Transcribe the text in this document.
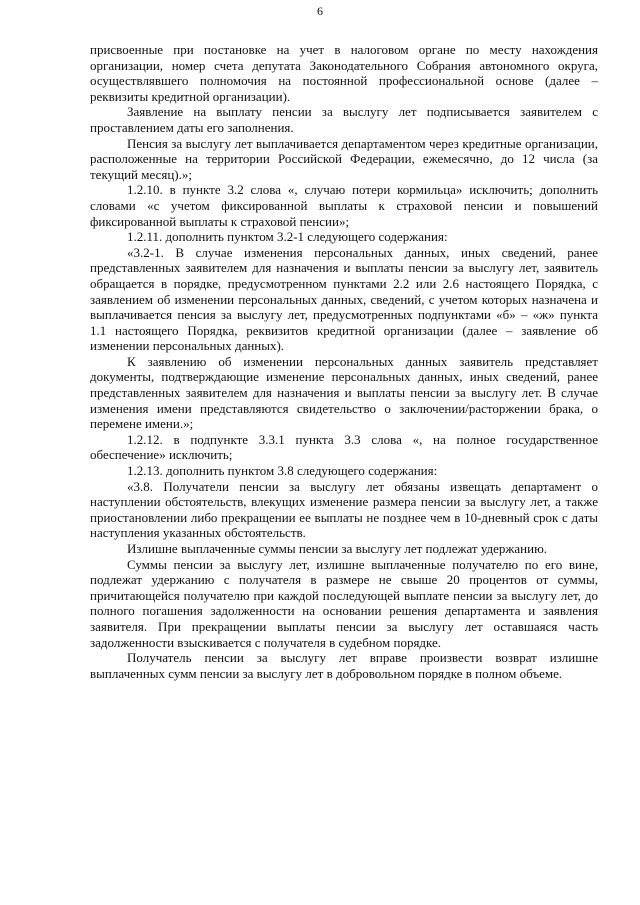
6

присвоенные при постановке на учет в налоговом органе по месту нахождения организации, номер счета депутата Законодательного Собрания автономного округа, осуществлявшего полномочия на постоянной профессиональной основе (далее – реквизиты кредитной организации).

Заявление на выплату пенсии за выслугу лет подписывается заявителем с проставлением даты его заполнения.

Пенсия за выслугу лет выплачивается департаментом через кредитные организации, расположенные на территории Российской Федерации, ежемесячно, до 12 числа (за текущий месяц).»;

1.2.10. в пункте 3.2 слова «, случаю потери кормильца» исключить; дополнить словами «с учетом фиксированной выплаты к страховой пенсии и повышений фиксированной выплаты к страховой пенсии»;

1.2.11. дополнить пунктом 3.2-1 следующего содержания:

«3.2-1. В случае изменения персональных данных, иных сведений, ранее представленных заявителем для назначения и выплаты пенсии за выслугу лет, заявитель обращается в порядке, предусмотренном пунктами 2.2 или 2.6 настоящего Порядка, с заявлением об изменении персональных данных, сведений, с учетом которых назначена и выплачивается пенсия за выслугу лет, предусмотренных подпунктами «б» – «ж» пункта 1.1 настоящего Порядка, реквизитов кредитной организации (далее – заявление об изменении персональных данных).

К заявлению об изменении персональных данных заявитель представляет документы, подтверждающие изменение персональных данных, иных сведений, ранее представленных заявителем для назначения и выплаты пенсии за выслугу лет. В случае изменения имени представляются свидетельство о заключении/расторжении брака, о перемене имени.»;

1.2.12. в подпункте 3.3.1 пункта 3.3 слова «, на полное государственное обеспечение» исключить;

1.2.13. дополнить пунктом 3.8 следующего содержания:

«3.8. Получатели пенсии за выслугу лет обязаны извещать департамент о наступлении обстоятельств, влекущих изменение размера пенсии за выслугу лет, а также приостановлении либо прекращении ее выплаты не позднее чем в 10-дневный срок с даты наступления указанных обстоятельств.

Излишне выплаченные суммы пенсии за выслугу лет подлежат удержанию.

Суммы пенсии за выслугу лет, излишне выплаченные получателю по его вине, подлежат удержанию с получателя в размере не свыше 20 процентов от суммы, причитающейся получателю при каждой последующей выплате пенсии за выслугу лет, до полного погашения задолженности на основании решения департамента и заявления заявителя. При прекращении выплаты пенсии за выслугу лет оставшаяся часть задолженности взыскивается с получателя в судебном порядке.

Получатель пенсии за выслугу лет вправе произвести возврат излишне выплаченных сумм пенсии за выслугу лет в добровольном порядке в полном объеме.
